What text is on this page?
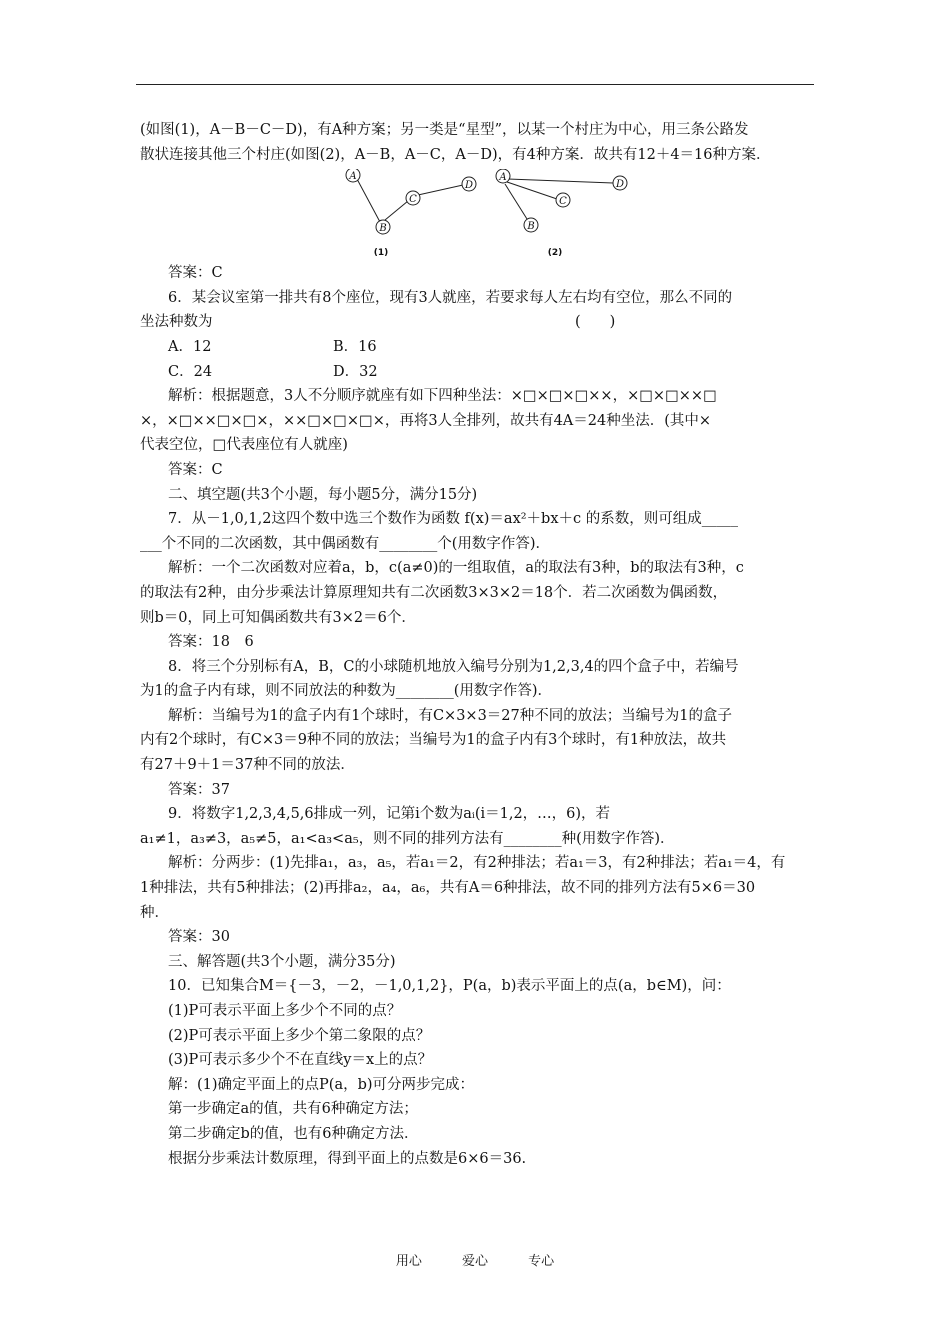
(如图(1)，A－B－C－D)，有A种方案；另一类是“星型”，以某一个村庄为中心，用三条公路发

散状连接其他三个村庄(如图(2)，A－B，A－C，A－D)，有4种方案．故共有12＋4＝16种方案．

A
B
C
D
A
B
C
D
(1)	(2)

答案：C

6．某会议室第一排共有8个座位，现有3人就座，若要求每人左右均有空位，那么不同的

坐法种数为　　　　　　　　　　　　　　　　　　　　　　　　　(　　)

A．12	B．16
C．24	D．32

解析：根据题意，3人不分顺序就座有如下四种坐法：×□×□×□××，×□×□××□

×，×□××□×□×，××□×□×□×，再将3人全排列，故共有4A＝24种坐法．(其中×

代表空位，□代表座位有人就座)

答案：C

二、填空题(共3个小题，每小题5分，满分15分)

7．从－1,0,1,2这四个数中选三个数作为函数 f(x)＝ax²＋bx＋c 的系数，则可组成_____

___个不同的二次函数，其中偶函数有________个(用数字作答)．

解析：一个二次函数对应着a，b，c(a≠0)的一组取值，a的取法有3种，b的取法有3种，c

的取法有2种，由分步乘法计算原理知共有二次函数3×3×2＝18个．若二次函数为偶函数，

则b＝0，同上可知偶函数共有3×2＝6个．

答案：18　6

8．将三个分别标有A，B，C的小球随机地放入编号分别为1,2,3,4的四个盒子中，若编号

为1的盒子内有球，则不同放法的种数为________(用数字作答)．

解析：当编号为1的盒子内有1个球时，有C×3×3＝27种不同的放法；当编号为1的盒子

内有2个球时，有C×3＝9种不同的放法；当编号为1的盒子内有3个球时，有1种放法，故共

有27＋9＋1＝37种不同的放法．

答案：37

9．将数字1,2,3,4,5,6排成一列，记第i个数为aᵢ(i＝1,2，…，6)，若

a₁≠1，a₃≠3，a₅≠5，a₁<a₃<a₅，则不同的排列方法有________种(用数字作答)．

解析：分两步：(1)先排a₁，a₃，a₅，若a₁＝2，有2种排法；若a₁＝3，有2种排法；若a₁＝4，有

1种排法，共有5种排法；(2)再排a₂，a₄，a₆，共有A＝6种排法，故不同的排列方法有5×6＝30

种．

答案：30

三、解答题(共3个小题，满分35分)

10．已知集合M＝{－3，－2，－1,0,1,2}，P(a，b)表示平面上的点(a，b∈M)，问：

(1)P可表示平面上多少个不同的点？

(2)P可表示平面上多少个第二象限的点？

(3)P可表示多少个不在直线y＝x上的点？

解：(1)确定平面上的点P(a，b)可分两步完成：

第一步确定a的值，共有6种确定方法；

第二步确定b的值，也有6种确定方法．

根据分步乘法计数原理，得到平面上的点数是6×6＝36.

用心	爱心	专心
